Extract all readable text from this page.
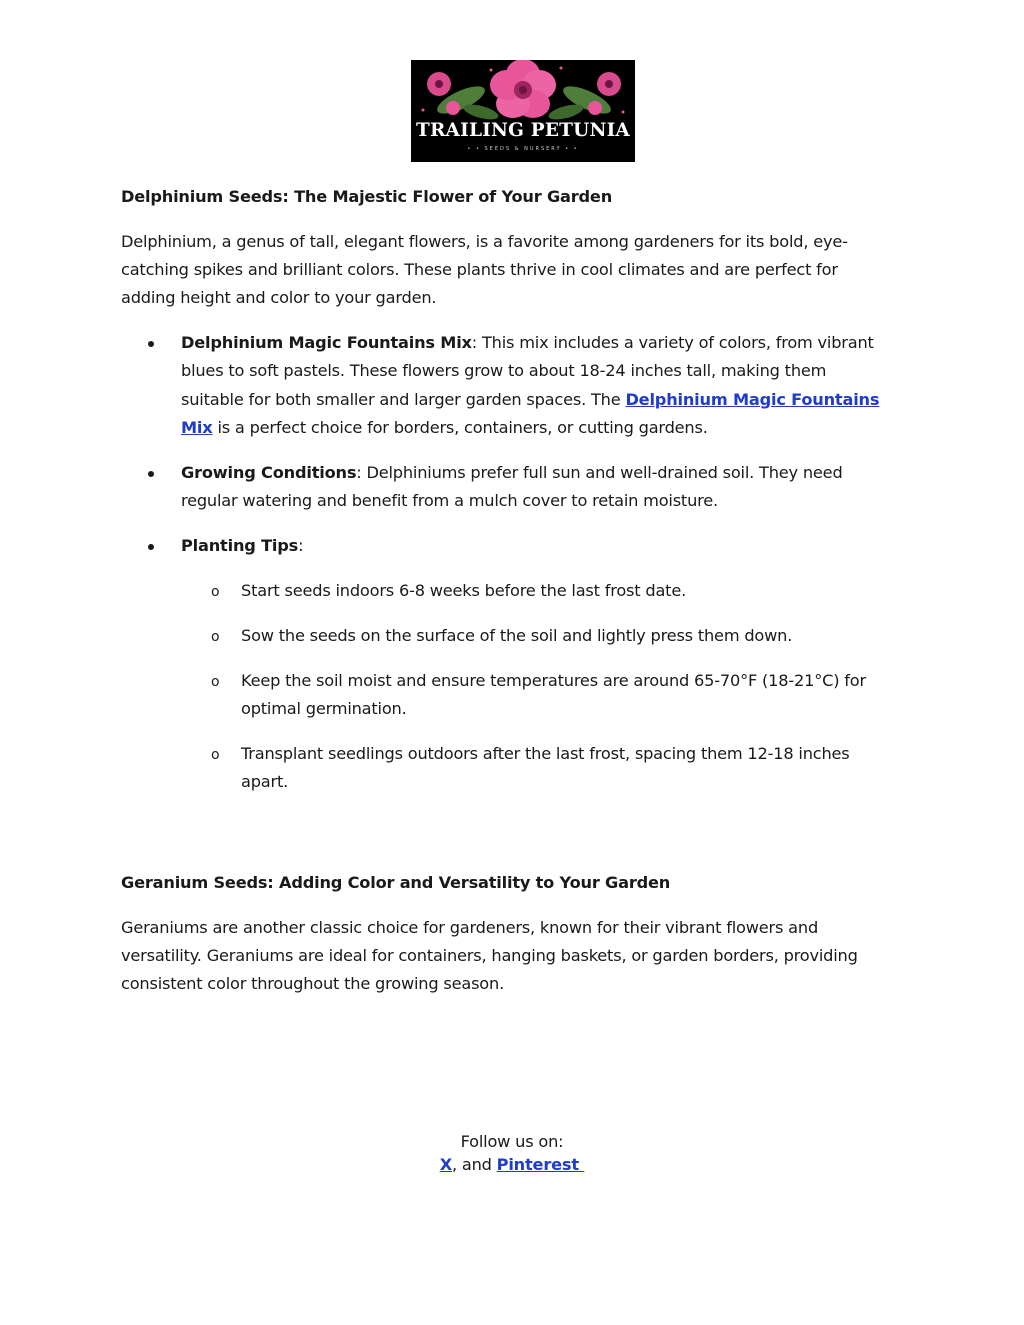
TRAILING PETUNIA
• • SEEDS & NURSERY • •

Delphinium Seeds: The Majestic Flower of Your Garden

Delphinium, a genus of tall, elegant flowers, is a favorite among gardeners for its bold, eye-

catching spikes and brilliant colors. These plants thrive in cool climates and are perfect for

adding height and color to your garden.

Delphinium Magic Fountains Mix: This mix includes a variety of colors, from vibrant

blues to soft pastels. These flowers grow to about 18-24 inches tall, making them

suitable for both smaller and larger garden spaces. The Delphinium Magic Fountains

Mix is a perfect choice for borders, containers, or cutting gardens.

Growing Conditions: Delphiniums prefer full sun and well-drained soil. They need

regular watering and benefit from a mulch cover to retain moisture.

Planting Tips:

o Start seeds indoors 6-8 weeks before the last frost date.

o Sow the seeds on the surface of the soil and lightly press them down.

o Keep the soil moist and ensure temperatures are around 65-70°F (18-21°C) for

optimal germination.

o Transplant seedlings outdoors after the last frost, spacing them 12-18 inches

apart.

Geranium Seeds: Adding Color and Versatility to Your Garden

Geraniums are another classic choice for gardeners, known for their vibrant flowers and

versatility. Geraniums are ideal for containers, hanging baskets, or garden borders, providing

consistent color throughout the growing season.

Follow us on:
X, and Pinterest
